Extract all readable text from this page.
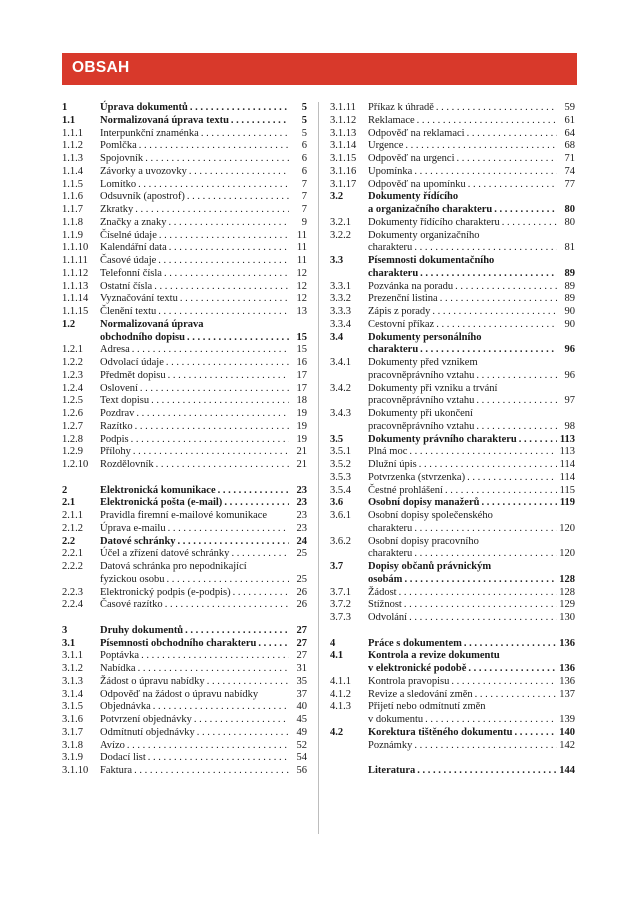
OBSAH
1	Úprava dokumentů . . .	5
1.1	Normalizovaná úprava textu . . .	5
1.1.1	Interpunkční znaménka . . .	5
1.1.2	Pomlčka . . .	6
1.1.3	Spojovník . . .	6
1.1.4	Závorky a uvozovky . . .	6
1.1.5	Lomítko . . .	7
1.1.6	Odsuvník (apostrof) . . .	7
1.1.7	Zkratky . . .	7
1.1.8	Značky a znaky . . .	9
1.1.9	Číselné údaje . . .	11
1.1.10	Kalendářní data . . .	11
1.1.11	Časové údaje . . .	11
1.1.12	Telefonní čísla . . .	12
1.1.13	Ostatní čísla . . .	12
1.1.14	Vyznačování textu . . .	12
1.1.15	Členění textu . . .	13
1.2	Normalizovaná úprava
obchodního dopisu . . .	15
1.2.1	Adresa . . .	15
1.2.2	Odvolací údaje . . .	16
1.2.3	Předmět dopisu . . .	17
1.2.4	Oslovení . . .	17
1.2.5	Text dopisu . . .	18
1.2.6	Pozdrav . . .	19
1.2.7	Razítko . . .	19
1.2.8	Podpis . . .	19
1.2.9	Přílohy . . .	21
1.2.10	Rozdělovník . . .	21
2	Elektronická komunikace . . .	23
2.1	Elektronická pošta (e-mail) . . .	23
2.1.1	Pravidla firemní e-mailové komunikace	23
2.1.2	Úprava e-mailu . . .	23
2.2	Datové schránky . . .	24
2.2.1	Účel a zřízení datové schránky . . .	25
2.2.2	Datová schránka pro nepodnikající
fyzickou osobu . . .	25
2.2.3	Elektronický podpis (e-podpis) . . .	26
2.2.4	Časové razítko . . .	26
3	Druhy dokumentů . . .	27
3.1	Písemnosti obchodního charakteru . . .	27
3.1.1	Poptávka . . .	27
3.1.2	Nabídka . . .	31
3.1.3	Žádost o úpravu nabídky . . .	35
3.1.4	Odpověď na žádost o úpravu nabídky	37
3.1.5	Objednávka . . .	40
3.1.6	Potvrzení objednávky . . .	45
3.1.7	Odmítnutí objednávky . . .	49
3.1.8	Avízo . . .	52
3.1.9	Dodací list . . .	54
3.1.10	Faktura . . .	56
3.1.11	Příkaz k úhradě . . .	59
3.1.12	Reklamace . . .	61
3.1.13	Odpověď na reklamaci . . .	64
3.1.14	Urgence . . .	68
3.1.15	Odpověď na urgenci . . .	71
3.1.16	Upomínka . . .	74
3.1.17	Odpověď na upomínku . . .	77
3.2	Dokumenty řídícího
a organizačního charakteru . . .	80
3.2.1	Dokumenty řídícího charakteru . . .	80
3.2.2	Dokumenty organizačního
charakteru . . .	81
3.3	Písemnosti dokumentačního
charakteru . . .	89
3.3.1	Pozvánka na poradu . . .	89
3.3.2	Prezenční listina . . .	89
3.3.3	Zápis z porady . . .	90
3.3.4	Cestovní příkaz . . .	90
3.4	Dokumenty personálního
charakteru . . .	96
3.4.1	Dokumenty před vznikem
pracovněprávního vztahu . . .	96
3.4.2	Dokumenty při vzniku a trvání
pracovněprávního vztahu . . .	97
3.4.3	Dokumenty při ukončení
pracovněprávního vztahu . . .	98
3.5	Dokumenty právního charakteru . . .	113
3.5.1	Plná moc . . .	113
3.5.2	Dlužní úpis . . .	114
3.5.3	Potvrzenka (stvrzenka) . . .	114
3.5.4	Čestné prohlášení . . .	115
3.6	Osobní dopisy manažerů . . .	119
3.6.1	Osobní dopisy společenského
charakteru . . .	120
3.6.2	Osobní dopisy pracovního
charakteru . . .	120
3.7	Dopisy občanů právnickým
osobám . . .	128
3.7.1	Žádost . . .	128
3.7.2	Stížnost . . .	129
3.7.3	Odvolání . . .	130
4	Práce s dokumentem . . .	136
4.1	Kontrola a revize dokumentu
v elektronické podobě . . .	136
4.1.1	Kontrola pravopisu . . .	136
4.1.2	Revize a sledování změn . . .	137
4.1.3	Přijetí nebo odmítnutí změn
v dokumentu . . .	139
4.2	Korektura tištěného dokumentu . . .	140
Poznámky . . .	142
Literatura . . .	144
